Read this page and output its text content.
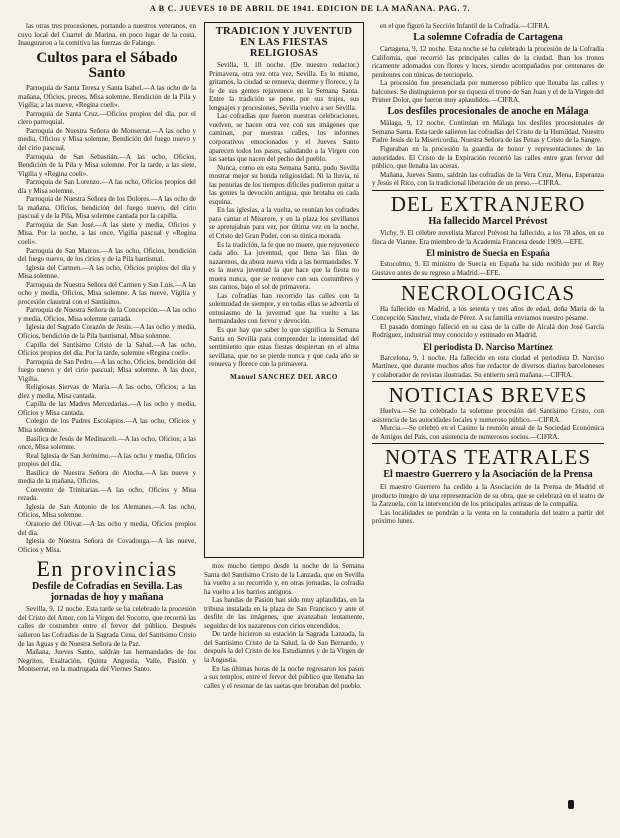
A B C. JUEVES 10 DE ABRIL DE 1941. EDICION DE LA MAÑANA. PAG. 7.

las otras tres procesiones, portando a nuestros veteranos, en cuyo local del Cuartel de Marina, en poco lugar de la costa. Inauguraron a la comitiva las fuerzas de Falange.

Cultos para el Sábado Santo

Parroquia de Santa Teresa y Santa Isabel.—A las ocho de la mañana, Oficios, preces, Misa solemne, Bendición de la Pila y Vigilia; a las nueve, «Regina coeli».

Parroquia de Santa Cruz.—Oficios propios del día, por el clero parroquial.

Parroquia de Nuestra Señora de Monserrat.—A las ocho y media, Oficios y Misa solemne, Bendición del fuego nuevo y del cirio pascual.

Parroquia de San Sebastián.—A las ocho, Oficios, Bendición de la Pila y Misa solemne. Por la tarde, a las siete, Vigilia y «Regina coeli».

Parroquia de San Lorenzo.—A las ocho, Oficios propios del día y Misa solemne.

Parroquia de Nuestra Señora de los Dolores.—A las ocho de la mañana, Oficios, bendición del fuego nuevo, del cirio pascual y de la Pila, Misa solemne cantada por la capilla.

Parroquia de San José.—A las siete y media, Oficios y Misa. Por la noche, a las once, Vigilia pascual y «Regina coeli».

Parroquia de San Marcos.—A las ocho, Oficios, bendición del fuego nuevo, de los cirios y de la Pila bautismal.

Iglesia del Carmen.—A las ocho, Oficios propios del día y Misa solemne.

Parroquia de Nuestra Señora del Carmen y San Luis.—A las ocho y media, Oficios, Misa solemne. A las nueve, Vigilia y procesión claustral con el Santísimo.

Parroquia de Nuestra Señora de la Concepción.—A las ocho y media, Oficios. Misa solemne cantada.

Iglesia del Sagrado Corazón de Jesús.—A las ocho y media, Oficios, bendición de la Pila bautismal, Misa solemne.

Capilla del Santísimo Cristo de la Salud.—A las ocho, Oficios propios del día. Por la tarde, solemne «Regina coeli».

Parroquia de San Pedro.—A las ocho, Oficios, bendición del fuego nuevo y del cirio pascual; Misa solemne. A las doce, Vigilia.

Religiosas Siervas de María.—A las ocho, Oficios; a las diez y media, Misa cantada.

Capilla de las Madres Mercedarias.—A las ocho y media, Oficios y Misa cantada.

Colegio de los Padres Escolapios.—A las ocho, Oficios y Misa solemne.

Basílica de Jesús de Medinaceli.—A las ocho, Oficios; a las once, Misa solemne.

Real Iglesia de San Jerónimo.—A las ocho y media, Oficios propios del día.

Basílica de Nuestra Señora de Atocha.—A las nueve y media de la mañana, Oficios.

Convento de Trinitarias.—A las ocho, Oficios y Misa rezada.

Iglesia de San Antonio de los Alemanes.—A las ocho, Oficios, Misa solemne.

Oratorio del Olivar.—A las ocho y media, Oficios propios del día.

Iglesia de Nuestra Señora de Covadonga.—A las nueve, Oficios y Misa.

En provincias
Desfile de Cofradías en Sevilla. Las jornadas de hoy y mañana

Sevilla, 9, 12 noche. Esta tarde se ha celebrado la procesión del Cristo del Amor, con la Virgen del Socorro, que recorrió las calles de costumbre entre el fervor del público. Después salieron las Cofradías de la Sagrada Cena, del Santísimo Cristo de las Aguas y de Nuestra Señora de la Paz.

Mañana, Jueves Santo, saldrán las hermandades de los Negritos, Exaltación, Quinta Angustia, Valle, Pasión y Montserrat, en la madrugada del Viernes Santo.

TRADICION Y JUVENTUD EN LAS FIESTAS RELIGIOSAS

Sevilla, 9, 10 noche. (De nuestro redactor.) Primavera, otra vez otra vez, Sevilla. Es lo mismo, gritamos, la ciudad se renueva, duerme y florece, y la fe de sus gentes rejuvenece en la Semana Santa. Entre la tradición se pone, por sus trajes, sus lenguajes y procesiones, Sevilla vuelve a ser Sevilla.

Las cofradías que fueron nuestras celebraciones, vuelven, se hacen otra vez con sus imágenes que caminan, por nuestras calles, los informes corporativos emocionados y el Jueves Santo aparecen todos los pasos, saludando a la Virgen con las saetas que nacen del pecho del pueblo.

Nunca, como en esta Semana Santa, pudo Sevilla mostrar mejor su honda religiosidad. Ni la lluvia, ni las penurias de los tiempos difíciles pudieron quitar a las gentes la devoción antigua, que brotaba en cada esquina.

En las iglesias, a la vuelta, se reunían los cofrades para cantar el Miserere, y en la plaza los sevillanos se apretujaban para ver, por última vez en la noche, el Cristo del Gran Poder, con su túnica morada.

Es la tradición, la fe que no muere, que rejuvenece cada año. La juventud, que llena las filas de nazarenos, da ahora nueva vida a las hermandades. Y es la nueva juventud la que hace que la fiesta no muera nunca, que se renueve con sus costumbres y sus cantos, bajo el sol de primavera.

Las cofradías han recorrido las calles con la solemnidad de siempre, y en todas ellas se advertía el entusiasmo de la juventud que ha vuelto a las hermandades con fervor y devoción.

Es que hay que saber lo que significa la Semana Santa en Sevilla para comprender la intensidad del sentimiento que estas fiestas despiertan en el alma sevillana, que no se pierde nunca y que cada año se renueva y florece con la primavera.

Manuel SANCHEZ DEL ARCO

mos mucho tiempo desde la noche de la Semana Santa del Santísimo Cristo de la Lanzada, que en Sevilla ha vuelto a su recorrido y, en otras jornadas, la cofradía ha vuelto a los barrios antiguos.

Las bandas de Pasión han sido muy aplaudidas, en la tribuna instalada en la plaza de San Francisco y ante el desfile de las imágenes, que avanzaban lentamente, seguidas de los nazarenos con cirios encendidos.

De tarde hicieron su estación la Sagrada Lanzada, la del Santísimo Cristo de la Salud, la de San Bernardo, y después la del Cristo de los Estudiantes y de la Virgen de la Angustia.

En las últimas horas de la noche regresaron los pasos a sus templos, entre el fervor del público que llenaba las calles y el resonar de las saetas que brotaban del pueblo.

en el que figuró la Sección Infantil de la Cofradía.—CIFRA.

La solemne Cofradía de Cartagena

Cartagena, 9, 12 noche. Esta noche se ha celebrado la procesión de la Cofradía California, que recorrió las principales calles de la ciudad. Iban los tronos ricamente adornados con flores y luces, siendo acompañados por centenares de penitentes con túnicas de terciopelo.

La procesión fue presenciada por numeroso público que llenaba las calles y balcones. Se distinguieron por su riqueza el trono de San Juan y el de la Virgen del Primer Dolor, que fueron muy aplaudidos.—CIFRA.

Los desfiles procesionales de anoche en Málaga

Málaga, 9, 12 noche. Continúan en Málaga los desfiles procesionales de Semana Santa. Esta tarde salieron las cofradías del Cristo de la Humildad, Nuestro Padre Jesús de la Misericordia, Nuestra Señora de las Penas y Cristo de la Sangre.

Figuraban en la procesión la guardia de honor y representaciones de las autoridades. El Cristo de la Expiración recorrió las calles entre gran fervor del público, que llenaba las aceras.

Mañana, Jueves Santo, saldrán las cofradías de la Vera Cruz, Mena, Esperanza y Jesús el Rico, con la tradicional liberación de un preso.—CIFRA.

DEL EXTRANJERO
Ha fallecido Marcel Prévost

Vichy, 9. El célebre novelista Marcel Prévost ha fallecido, a los 78 años, en su finca de Vianne. Era miembro de la Academia Francesa desde 1909.—EFE.

El ministro de Suecia en España

Estocolmo, 9. El ministro de Suecia en España ha sido recibido por el Rey Gustavo antes de su regreso a Madrid.—EFE.

NECROLOGICAS

Ha fallecido en Madrid, a los setenta y tres años de edad, doña María de la Concepción Sánchez, viuda de Pérez. A su familia enviamos nuestro pésame.

El pasado domingo falleció en su casa de la calle de Alcalá don José García Rodríguez, industrial muy conocido y estimado en Madrid.

El periodista D. Narciso Martínez

Barcelona, 9, 1 noche. Ha fallecido en esta ciudad el periodista D. Narciso Martínez, que durante muchos años fue redactor de diversos diarios barceloneses y colaborador de revistas ilustradas. Su entierro será mañana.—CIFRA.

NOTICIAS BREVES

Huelva.—Se ha celebrado la solemne procesión del Santísimo Cristo, con asistencia de las autoridades locales y numeroso público.—CIFRA.

Murcia.—Se celebró en el Casino la reunión anual de la Sociedad Económica de Amigos del País, con asistencia de numerosos socios.—CIFRA.

NOTAS TEATRALES
El maestro Guerrero y la Asociación de la Prensa

El maestro Guerrero ha cedido a la Asociación de la Prensa de Madrid el producto íntegro de una representación de su obra, que se celebrará en el teatro de la Zarzuela, con la intervención de los principales artistas de la compañía.

Las localidades se pondrán a la venta en la contaduría del teatro a partir del próximo lunes.
